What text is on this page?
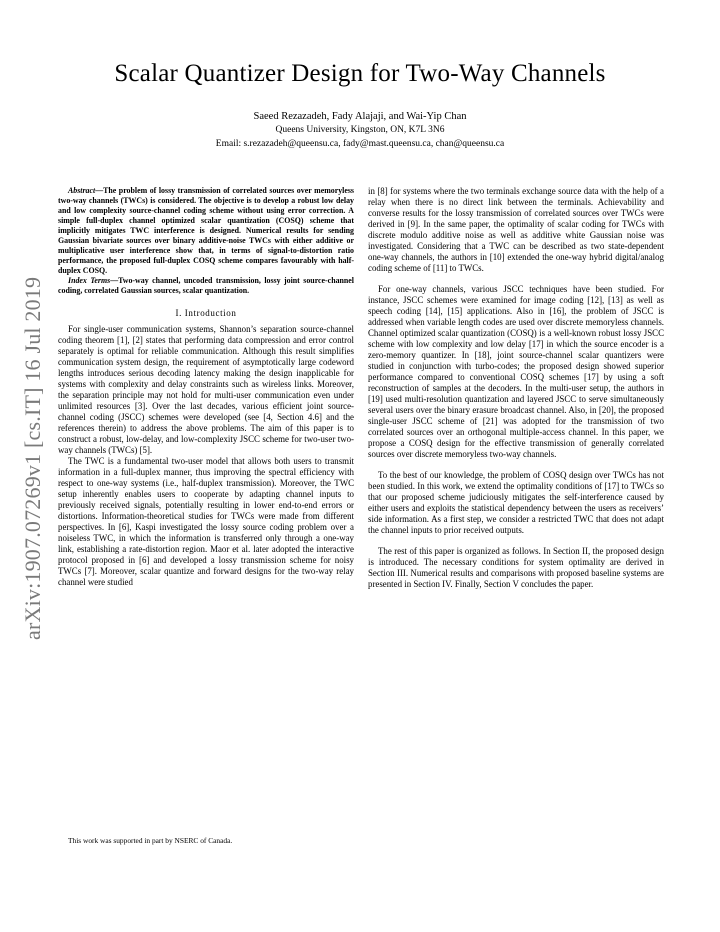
arXiv:1907.07269v1 [cs.IT] 16 Jul 2019
Scalar Quantizer Design for Two-Way Channels
Saeed Rezazadeh, Fady Alajaji, and Wai-Yip Chan
Queens University, Kingston, ON, K7L 3N6
Email: s.rezazadeh@queensu.ca, fady@mast.queensu.ca, chan@queensu.ca

Abstract—The problem of lossy transmission of correlated sources over memoryless two-way channels (TWCs) is considered. The objective is to develop a robust low delay and low complexity source-channel coding scheme without using error correction. A simple full-duplex channel optimized scalar quantization (COSQ) scheme that implicitly mitigates TWC interference is designed. Numerical results for sending Gaussian bivariate sources over binary additive-noise TWCs with either additive or multiplicative user interference show that, in terms of signal-to-distortion ratio performance, the proposed full-duplex COSQ scheme compares favourably with half-duplex COSQ.

Index Terms—Two-way channel, uncoded transmission, lossy joint source-channel coding, correlated Gaussian sources, scalar quantization.

I. Introduction

For single-user communication systems, Shannon’s separation source-channel coding theorem [1], [2] states that performing data compression and error control separately is optimal for reliable communication. Although this result simplifies communication system design, the requirement of asymptotically large codeword lengths introduces serious decoding latency making the design inapplicable for systems with complexity and delay constraints such as wireless links. Moreover, the separation principle may not hold for multi-user communication even under unlimited resources [3]. Over the last decades, various efficient joint source-channel coding (JSCC) schemes were developed (see [4, Section 4.6] and the references therein) to address the above problems. The aim of this paper is to construct a robust, low-delay, and low-complexity JSCC scheme for two-user two-way channels (TWCs) [5].

The TWC is a fundamental two-user model that allows both users to transmit information in a full-duplex manner, thus improving the spectral efficiency with respect to one-way systems (i.e., half-duplex transmission). Moreover, the TWC setup inherently enables users to cooperate by adapting channel inputs to previously received signals, potentially resulting in lower end-to-end errors or distortions. Information-theoretical studies for TWCs were made from different perspectives. In [6], Kaspi investigated the lossy source coding problem over a noiseless TWC, in which the information is transferred only through a one-way link, establishing a rate-distortion region. Maor et al. later adopted the interactive protocol proposed in [6] and developed a lossy transmission scheme for noisy TWCs [7]. Moreover, scalar quantize and forward designs for the two-way relay channel were studied

in [8] for systems where the two terminals exchange source data with the help of a relay when there is no direct link between the terminals. Achievability and converse results for the lossy transmission of correlated sources over TWCs were derived in [9]. In the same paper, the optimality of scalar coding for TWCs with discrete modulo additive noise as well as additive white Gaussian noise was investigated. Considering that a TWC can be described as two state-dependent one-way channels, the authors in [10] extended the one-way hybrid digital/analog coding scheme of [11] to TWCs.

For one-way channels, various JSCC techniques have been studied. For instance, JSCC schemes were examined for image coding [12], [13] as well as speech coding [14], [15] applications. Also in [16], the problem of JSCC is addressed when variable length codes are used over discrete memoryless channels. Channel optimized scalar quantization (COSQ) is a well-known robust lossy JSCC scheme with low complexity and low delay [17] in which the source encoder is a zero-memory quantizer. In [18], joint source-channel scalar quantizers were studied in conjunction with turbo-codes; the proposed design showed superior performance compared to conventional COSQ schemes [17] by using a soft reconstruction of samples at the decoders. In the multi-user setup, the authors in [19] used multi-resolution quantization and layered JSCC to serve simultaneously several users over the binary erasure broadcast channel. Also, in [20], the proposed single-user JSCC scheme of [21] was adopted for the transmission of two correlated sources over an orthogonal multiple-access channel. In this paper, we propose a COSQ design for the effective transmission of generally correlated sources over discrete memoryless two-way channels.

To the best of our knowledge, the problem of COSQ design over TWCs has not been studied. In this work, we extend the optimality conditions of [17] to TWCs so that our proposed scheme judiciously mitigates the self-interference caused by either users and exploits the statistical dependency between the users as receivers’ side information. As a first step, we consider a restricted TWC that does not adapt the channel inputs to prior received outputs.

The rest of this paper is organized as follows. In Section II, the proposed design is introduced. The necessary conditions for system optimality are derived in Section III. Numerical results and comparisons with proposed baseline systems are presented in Section IV. Finally, Section V concludes the paper.

This work was supported in part by NSERC of Canada.
